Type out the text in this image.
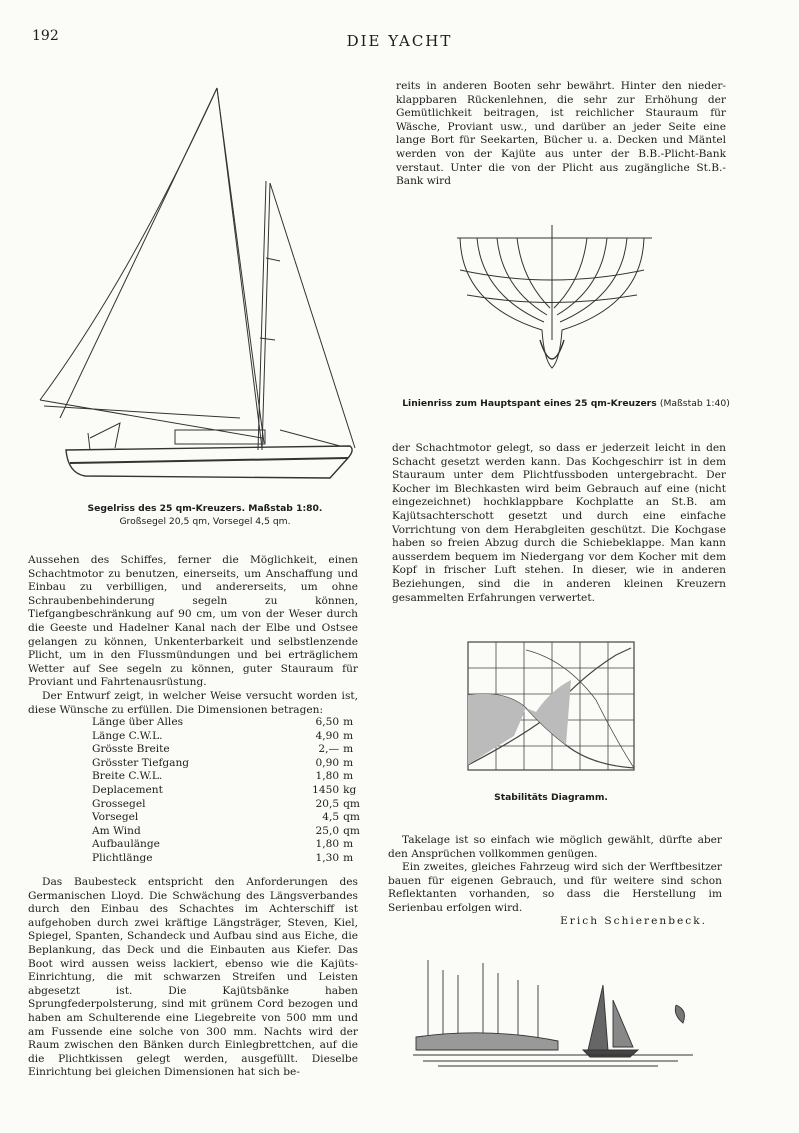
192	DIE YACHT
Segelriss des 25 qm-Kreuzers. Maßstab 1:80.
Großsegel 20,5 qm, Vorsegel 4,5 qm.

reits in anderen Booten sehr bewährt. Hinter den nieder-klappbaren Rückenlehnen, die sehr zur Erhöhung der Gemütlichkeit beitragen, ist reichlicher Stauraum für Wäsche, Proviant usw., und darüber an jeder Seite eine lange Bort für Seekarten, Bücher u. a. Decken und Mäntel werden von der Kajüte aus unter der B.B.-Plicht-Bank verstaut. Unter die von der Plicht aus zugängliche St.B.-Bank wird

Linienriss zum Hauptspant eines 25 qm-Kreuzers (Maßstab 1:40)

der Schachtmotor gelegt, so dass er jederzeit leicht in den Schacht gesetzt werden kann. Das Kochgeschirr ist in dem Stauraum unter dem Plichtfussboden untergebracht. Der Kocher im Blechkasten wird beim Gebrauch auf eine (nicht eingezeichnet) hochklappbare Kochplatte an St.B. am Kajütsachterschott gesetzt und durch eine einfache Vorrichtung von dem Herabgleiten geschützt. Die Kochgase haben so freien Abzug durch die Schiebeklappe. Man kann ausserdem bequem im Niedergang vor dem Kocher mit dem Kopf in frischer Luft stehen. In dieser, wie in anderen Beziehungen, sind die in anderen kleinen Kreuzern gesammelten Erfahrungen verwertet.

Stabilitäts Diagramm.

Takelage ist so einfach wie möglich gewählt, dürfte aber den Ansprüchen vollkommen genügen.

Ein zweites, gleiches Fahrzeug wird sich der Werftbesitzer bauen für eigenen Gebrauch, und für weitere sind schon Reflektanten vorhanden, so dass die Herstellung im Serienbau erfolgen wird.

Erich Schierenbeck.

Aussehen des Schiffes, ferner die Möglichkeit, einen Schachtmotor zu benutzen, einerseits, um Anschaffung und Einbau zu verbilligen, und andererseits, um ohne Schraubenbehinderung segeln zu können, Tiefgangbeschränkung auf 90 cm, um von der Weser durch die Geeste und Hadelner Kanal nach der Elbe und Ostsee gelangen zu können, Unkenterbarkeit und selbstlenzende Plicht, um in den Flussmündungen und bei erträglichem Wetter auf See segeln zu können, guter Stauraum für Proviant und Fahrtenausrüstung.

Der Entwurf zeigt, in welcher Weise versucht worden ist, diese Wünsche zu erfüllen. Die Dimensionen betragen:

Länge über Alles	6,50	m
Länge C.W.L.	4,90	m
Grösste Breite	2,—	m
Grösster Tiefgang	0,90	m
Breite C.W.L.	1,80	m
Deplacement	1450	kg
Grossegel	20,5	qm
Vorsegel	4,5	qm
Am Wind	25,0	qm
Aufbaulänge	1,80	m
Plichtlänge	1,30	m

Das Baubesteck entspricht den Anforderungen des Germanischen Lloyd. Die Schwächung des Längsverbandes durch den Einbau des Schachtes im Achterschiff ist aufgehoben durch zwei kräftige Längsträger, Steven, Kiel, Spiegel, Spanten, Schandeck und Aufbau sind aus Eiche, die Beplankung, das Deck und die Einbauten aus Kiefer. Das Boot wird aussen weiss lackiert, ebenso wie die Kajüts-Einrichtung, die mit schwarzen Streifen und Leisten abgesetzt ist. Die Kajütsbänke haben Sprungfederpolsterung, sind mit grünem Cord bezogen und haben am Schulterende eine Liegebreite von 500 mm und am Fussende eine solche von 300 mm. Nachts wird der Raum zwischen den Bänken durch Einlegbrettchen, auf die die Plichtkissen gelegt werden, ausgefüllt. Dieselbe Einrichtung bei gleichen Dimensionen hat sich be-
